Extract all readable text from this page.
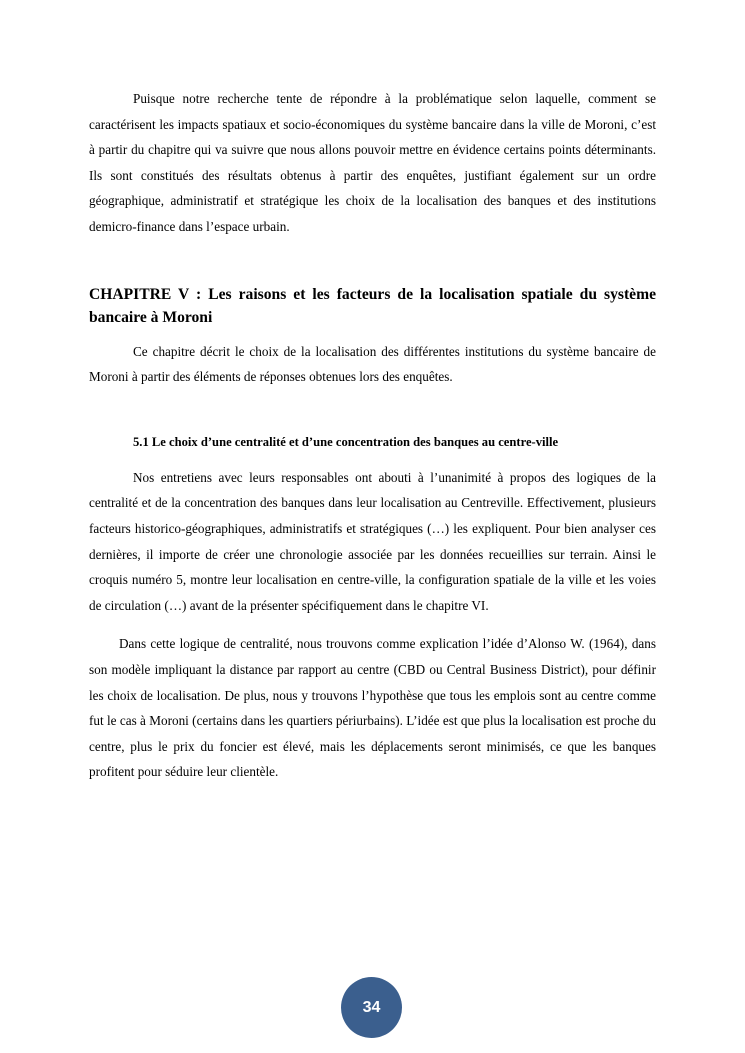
Puisque notre recherche tente de répondre à la problématique selon laquelle, comment se caractérisent les impacts spatiaux et socio-économiques du système bancaire dans la ville de Moroni, c’est à partir du chapitre qui va suivre que nous allons pouvoir mettre en évidence certains points déterminants. Ils sont constitués des résultats obtenus à partir des enquêtes, justifiant également sur un ordre géographique, administratif et stratégique les choix de la localisation des banques et des institutions demicro-finance dans l’espace urbain.

CHAPITRE V : Les raisons et les facteurs de la localisation spatiale du système bancaire à Moroni

Ce chapitre décrit le choix de la localisation des différentes institutions du système bancaire de Moroni à partir des éléments de réponses obtenues lors des enquêtes.

5.1 Le choix d’une centralité et d’une concentration des banques au centre-ville

Nos entretiens avec leurs responsables ont abouti à l’unanimité à propos des logiques de la centralité et de la concentration des banques dans leur localisation au Centreville. Effectivement, plusieurs facteurs historico-géographiques, administratifs et stratégiques (…) les expliquent. Pour bien analyser ces dernières, il importe de créer une chronologie associée par les données recueillies sur terrain. Ainsi le croquis numéro 5, montre leur localisation en centre-ville, la configuration spatiale de la ville et les voies de circulation (…) avant de la présenter spécifiquement dans le chapitre VI.

Dans cette logique de centralité, nous trouvons comme explication l’idée d’Alonso W. (1964), dans son modèle impliquant la distance par rapport au centre (CBD ou Central Business District), pour définir les choix de localisation. De plus, nous y trouvons l’hypothèse que tous les emplois sont au centre comme fut le cas à Moroni (certains dans les quartiers périurbains). L’idée est que plus la localisation est proche du centre, plus le prix du foncier est élevé, mais les déplacements seront minimisés, ce que les banques profitent pour séduire leur clientèle.

34
